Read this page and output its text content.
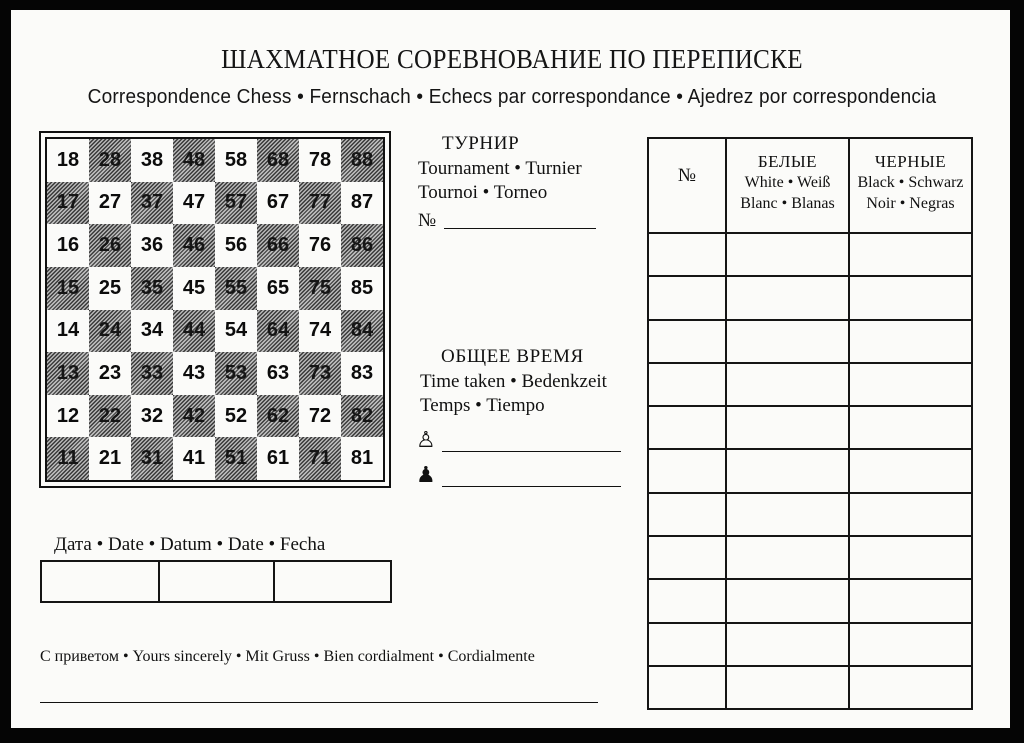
ШАХМАТНОЕ СОРЕВНОВАНИЕ ПО ПЕРЕПИСКЕ
Correspondence Chess • Fernschach • Echecs par correspondance • Ajedrez por correspondencia
18 28 38 48 58 68 78 88
17 27 37 47 57 67 77 87
16 26 36 46 56 66 76 86
15 25 35 45 55 65 75 85
14 24 34 44 54 64 74 84
13 23 33 43 53 63 73 83
12 22 32 42 52 62 72 82
11	21 31 41 51 61 71 81
ТУРНИР
Tournament • Turnier
Tournoi • Torneo
№
ОБЩЕЕ ВРЕМЯ
Time taken • Bedenkzeit
Temps • Tiempo
♙
♟
№

БЕЛЫЕ
White • Weiß
Blanc • Blanas

ЧЕРНЫЕ
Black • Schwarz
Noir • Negras

Дата • Date • Datum • Date • Fecha

С приветом • Yours sincerely • Mit Gruss • Bien cordialment • Cordialmente
